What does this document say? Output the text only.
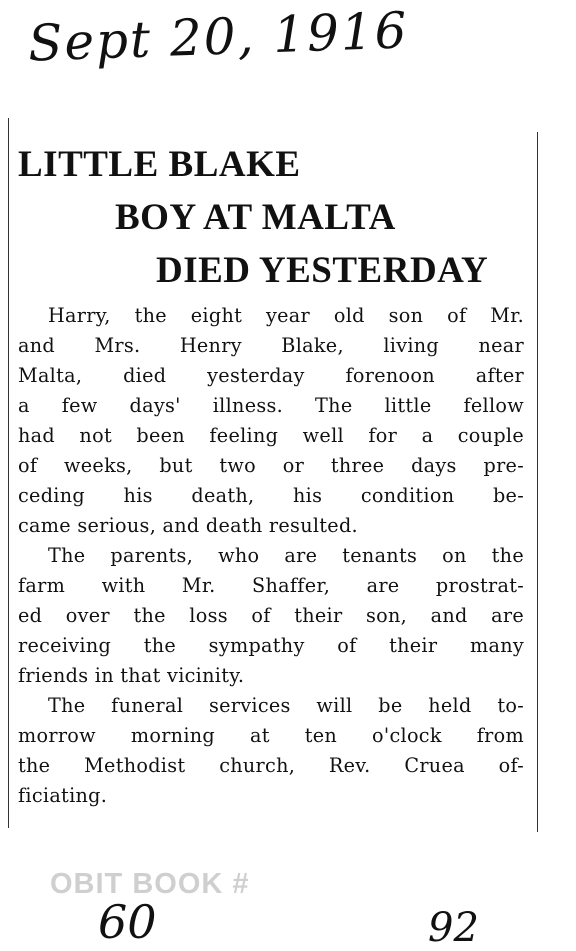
Sept 20, 1916
LITTLE BLAKE
BOY AT MALTA
DIED YESTERDAY
Harry, the eight year old son of Mr.
and Mrs. Henry Blake, living near
Malta, died yesterday forenoon after
a few days' illness. The little fellow
had not been feeling well for a couple
of weeks, but two or three days pre-
ceding his death, his condition be-
came serious, and death resulted.
The parents, who are tenants on the
farm with Mr. Shaffer, are prostrat-
ed over the loss of their son, and are
receiving the sympathy of their many
friends in that vicinity.
The funeral services will be held to-
morrow morning at ten o'clock from
the Methodist church, Rev. Cruea of-
ficiating.
OBIT BOOK #
60	92
